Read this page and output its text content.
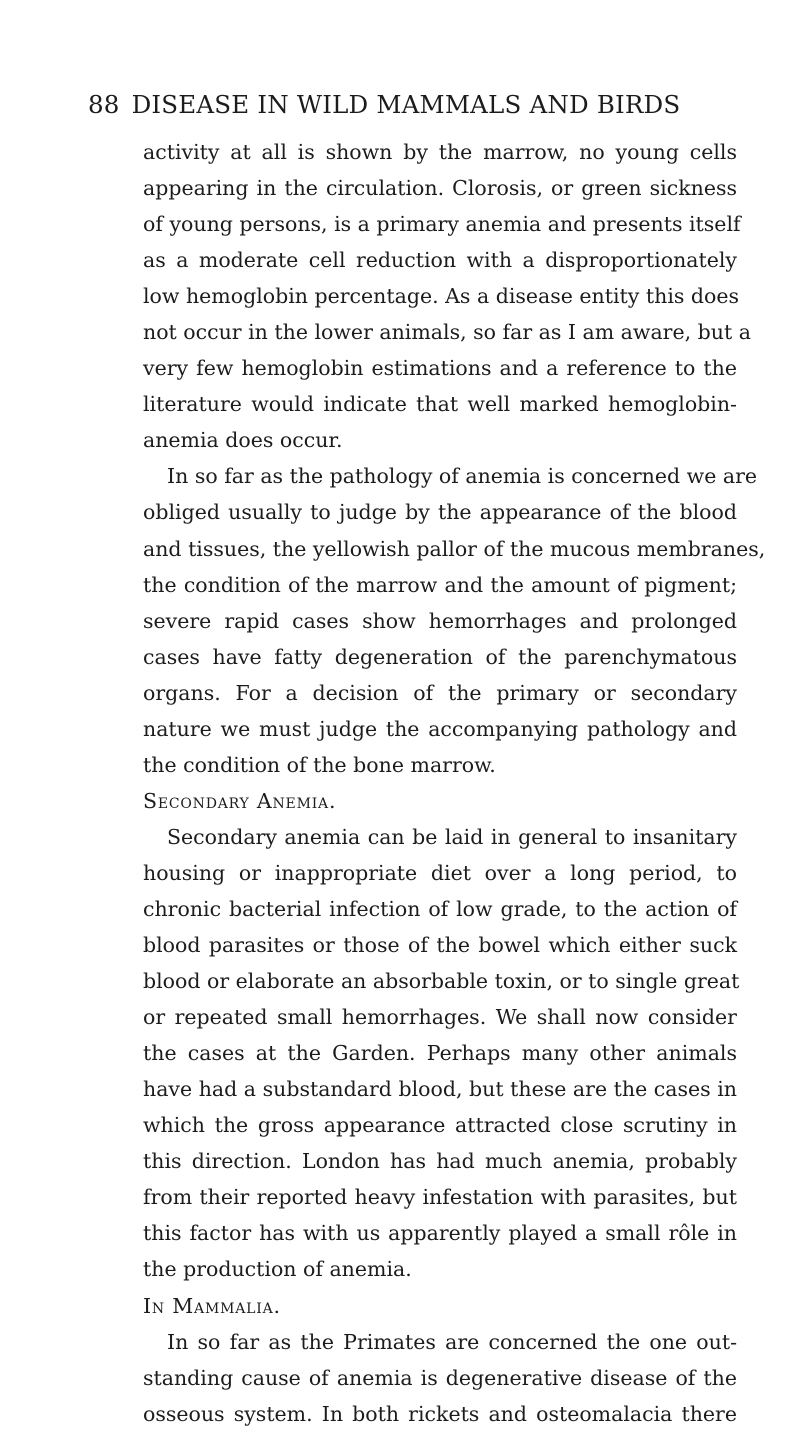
88 DISEASE IN WILD MAMMALS AND BIRDS
activity at all is shown by the marrow, no young cells
appearing in the circulation. Clorosis, or green sickness
of young persons, is a primary anemia and presents itself
as a moderate cell reduction with a disproportionately
low hemoglobin percentage. As a disease entity this does
not occur in the lower animals, so far as I am aware, but a
very few hemoglobin estimations and a reference to the
literature would indicate that well marked hemoglobin-
anemia does occur.
In so far as the pathology of anemia is concerned we are
obliged usually to judge by the appearance of the blood
and tissues, the yellowish pallor of the mucous membranes,
the condition of the marrow and the amount of pigment;
severe rapid cases show hemorrhages and prolonged
cases have fatty degeneration of the parenchymatous
organs. For a decision of the primary or secondary
nature we must judge the accompanying pathology and
the condition of the bone marrow.
Secondary Anemia.
Secondary anemia can be laid in general to insanitary
housing or inappropriate diet over a long period, to
chronic bacterial infection of low grade, to the action of
blood parasites or those of the bowel which either suck
blood or elaborate an absorbable toxin, or to single great
or repeated small hemorrhages. We shall now consider
the cases at the Garden. Perhaps many other animals
have had a substandard blood, but these are the cases in
which the gross appearance attracted close scrutiny in
this direction. London has had much anemia, probably
from their reported heavy infestation with parasites, but
this factor has with us apparently played a small rôle in
the production of anemia.
In Mammalia.
In so far as the Primates are concerned the one out-
standing cause of anemia is degenerative disease of the
osseous system. In both rickets and osteomalacia there
